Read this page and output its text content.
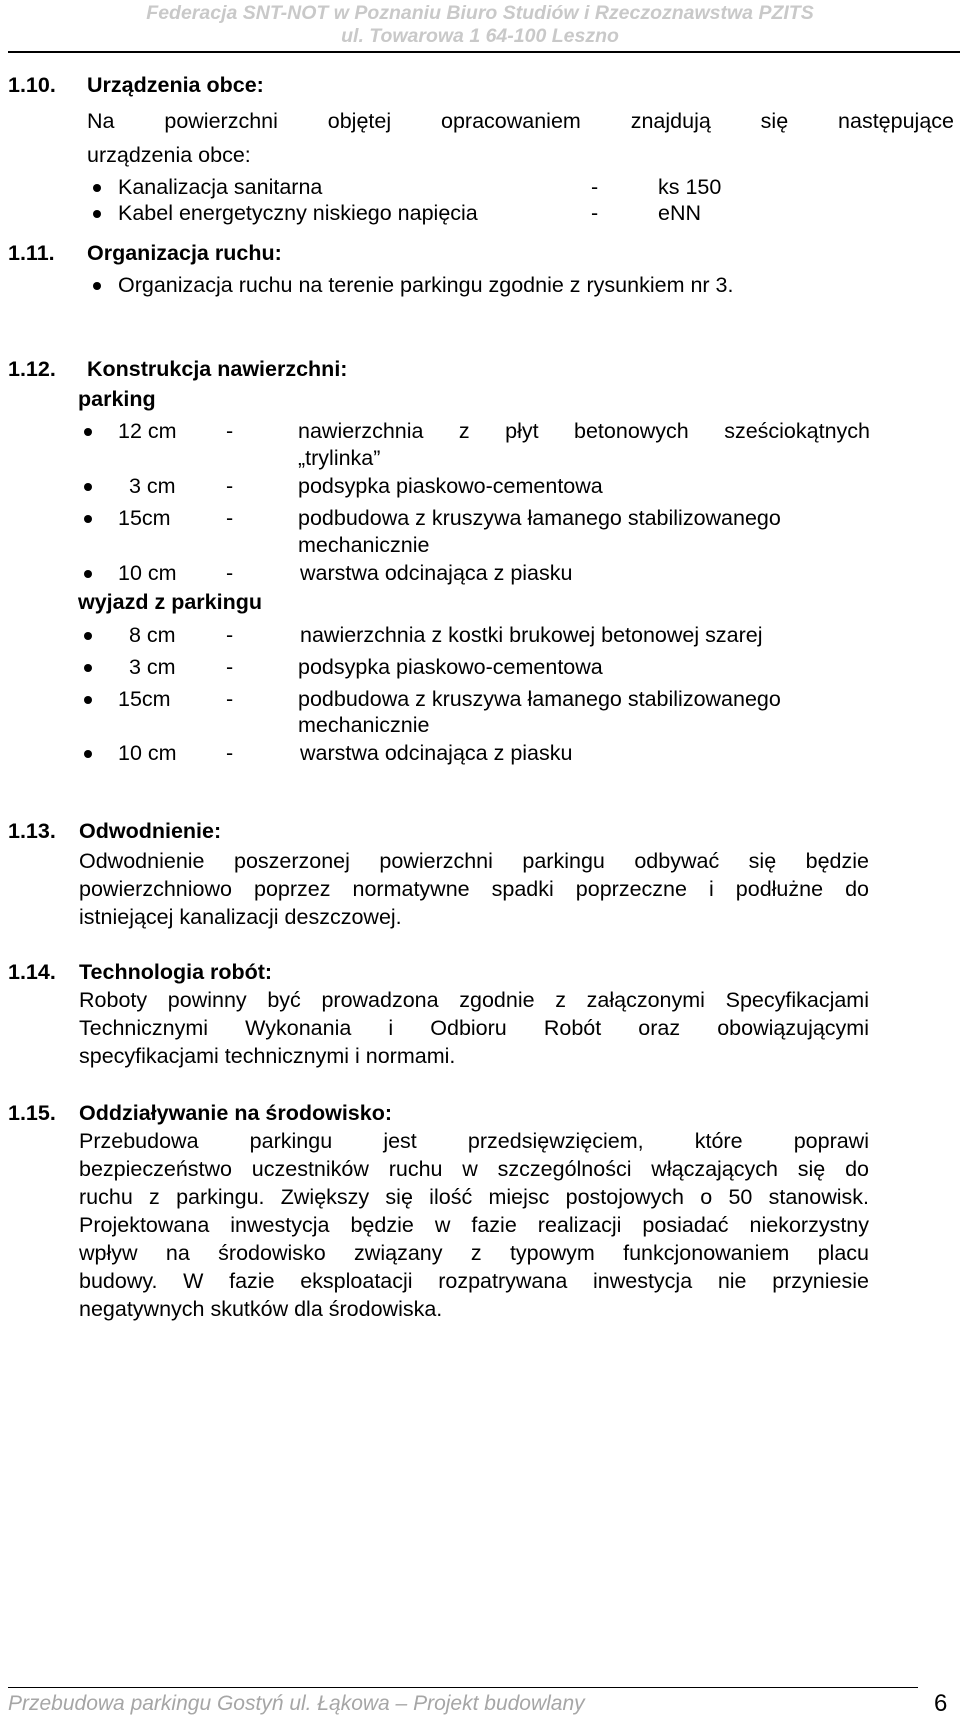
Federacja SNT-NOT w Poznaniu Biuro Studiów i Rzeczoznawstwa PZITS
ul. Towarowa 1 64-100 Leszno
1.10. Urządzenia obce:
Na powierzchni objętej opracowaniem znajdują się następujące
urządzenia obce:
Kanalizacja sanitarna	-	ks 150
Kabel energetyczny niskiego napięcia	-	eNN
1.11. Organizacja ruchu:
Organizacja ruchu na terenie parkingu zgodnie z rysunkiem nr 3.
1.12. Konstrukcja nawierzchni:
parking
12 cm -	nawierzchnia z płyt betonowych sześciokątnych
„trylinka”
3 cm -	podsypka piaskowo-cementowa
15cm	-	podbudowa z kruszywa łamanego stabilizowanego
mechanicznie
10 cm -	warstwa odcinająca z piasku
wyjazd z parkingu
8 cm -	nawierzchnia z kostki brukowej betonowej szarej
3 cm -	podsypka piaskowo-cementowa
15cm	-	podbudowa z kruszywa łamanego stabilizowanego
mechanicznie
10 cm -	warstwa odcinająca z piasku
1.13. Odwodnienie:
Odwodnienie poszerzonej powierzchni parkingu odbywać się będzie
powierzchniowo poprzez normatywne spadki poprzeczne i podłużne do
istniejącej kanalizacji deszczowej.
1.14. Technologia robót:
Roboty powinny być prowadzona zgodnie z załączonymi Specyfikacjami
Technicznymi Wykonania i Odbioru Robót oraz obowiązującymi
specyfikacjami technicznymi i normami.
1.15. Oddziaływanie na środowisko:
Przebudowa parkingu jest przedsięwzięciem, które poprawi
bezpieczeństwo uczestników ruchu w szczególności włączających się do
ruchu z parkingu. Zwiększy się ilość miejsc postojowych o 50 stanowisk.
Projektowana inwestycja będzie w fazie realizacji posiadać niekorzystny
wpływ na środowisko związany z typowym funkcjonowaniem placu
budowy. W fazie eksploatacji rozpatrywana inwestycja nie przyniesie
negatywnych skutków dla środowiska.
Przebudowa parkingu Gostyń ul. Łąkowa – Projekt budowlany	6
